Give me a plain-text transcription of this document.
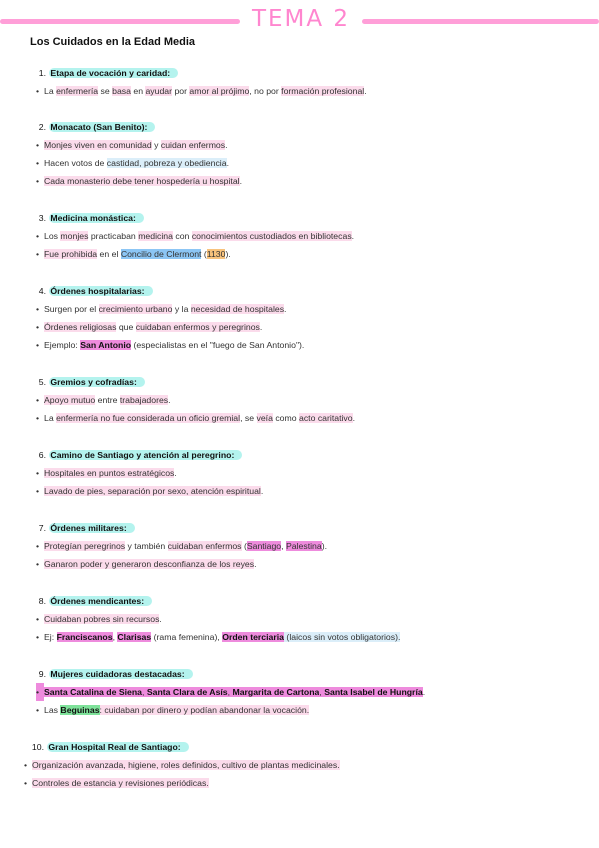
TEMA 2
Los Cuidados en la Edad Media
1. Etapa de vocación y caridad:
• La enfermería se basa en ayudar por amor al prójimo, no por formación profesional.
2. Monacato (San Benito):
• Monjes viven en comunidad y cuidan enfermos.
• Hacen votos de castidad, pobreza y obediencia.
• Cada monasterio debe tener hospedería u hospital.
3. Medicina monástica:
• Los monjes practicaban medicina con conocimientos custodiados en bibliotecas.
• Fue prohibida en el Concilio de Clermont (1130).
4. Órdenes hospitalarias:
• Surgen por el crecimiento urbano y la necesidad de hospitales.
• Órdenes religiosas que cuidaban enfermos y peregrinos.
• Ejemplo: San Antonio (especialistas en el "fuego de San Antonio").
5. Gremios y cofradías:
• Apoyo mutuo entre trabajadores.
• La enfermería no fue considerada un oficio gremial, se veía como acto caritativo.
6. Camino de Santiago y atención al peregrino:
• Hospitales en puntos estratégicos.
• Lavado de pies, separación por sexo, atención espiritual.
7. Órdenes militares:
• Protegían peregrinos y también cuidaban enfermos (Santiago, Palestina).
• Ganaron poder y generaron desconfianza de los reyes.
8. Órdenes mendicantes:
• Cuidaban pobres sin recursos.
• Ej: Franciscanos, Clarisas (rama femenina), Orden terciaria (laicos sin votos obligatorios).
9. Mujeres cuidadoras destacadas:
• Santa Catalina de Siena, Santa Clara de Asís, Margarita de Cartona, Santa Isabel de Hungría.
• Las Beguinas: cuidaban por dinero y podían abandonar la vocación.
10. Gran Hospital Real de Santiago:
• Organización avanzada, higiene, roles definidos, cultivo de plantas medicinales.
• Controles de estancia y revisiones periódicas.
